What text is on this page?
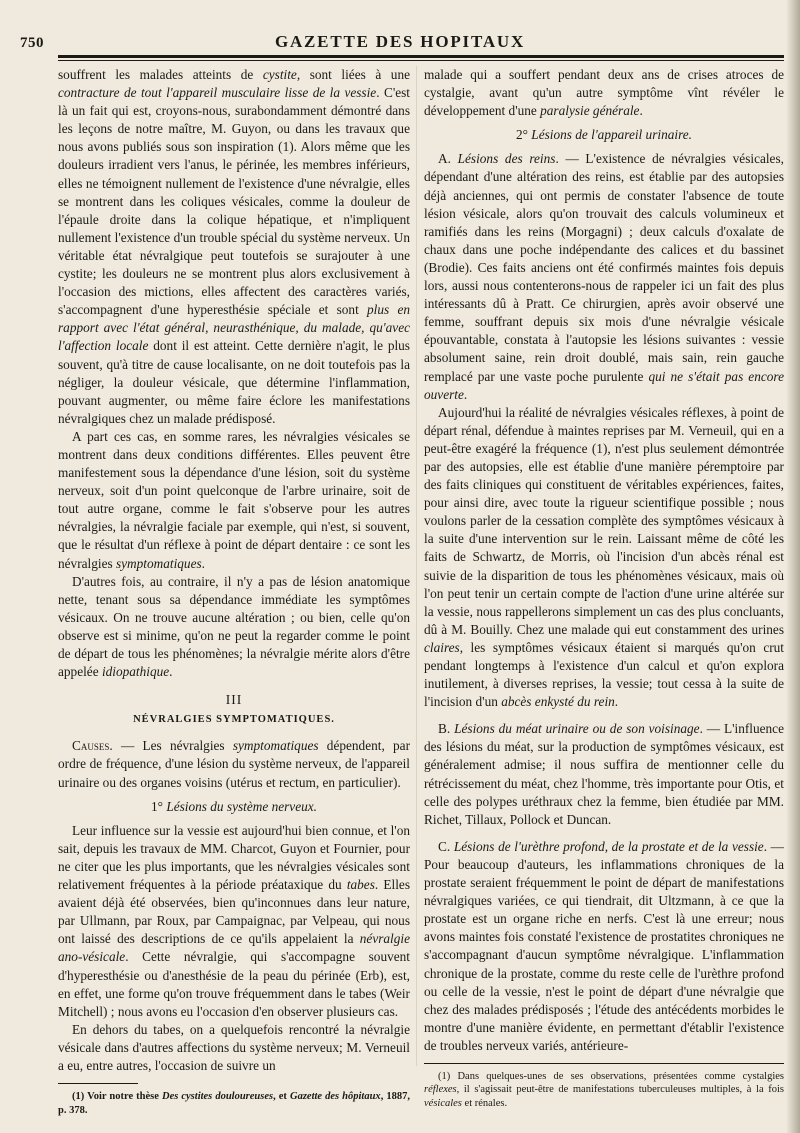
750	GAZETTE DES HOPITAUX

souffrent les malades atteints de cystite, sont liées à une contracture de tout l'appareil musculaire lisse de la vessie. C'est là un fait qui est, croyons-nous, surabondamment démontré dans les leçons de notre maître, M. Guyon, ou dans les travaux que nous avons publiés sous son inspiration (1). Alors même que les douleurs irradient vers l'anus, le périnée, les membres inférieurs, elles ne témoignent nullement de l'existence d'une névralgie, elles se montrent dans les coliques vésicales, comme la douleur de l'épaule droite dans la colique hépatique, et n'impliquent nullement l'existence d'un trouble spécial du système nerveux. Un véritable état névralgique peut toutefois se surajouter à une cystite; les douleurs ne se montrent plus alors exclusivement à l'occasion des mictions, elles affectent des caractères variés, s'accompagnent d'une hyperesthésie spéciale et sont plus en rapport avec l'état général, neurasthénique, du malade, qu'avec l'affection locale dont il est atteint. Cette dernière n'agit, le plus souvent, qu'à titre de cause localisante, on ne doit toutefois pas la négliger, la douleur vésicale, que détermine l'inflammation, pouvant augmenter, ou même faire éclore les manifestations névralgiques chez un malade prédisposé.

A part ces cas, en somme rares, les névralgies vésicales se montrent dans deux conditions différentes. Elles peuvent être manifestement sous la dépendance d'une lésion, soit du système nerveux, soit d'un point quelconque de l'arbre urinaire, soit de tout autre organe, comme le fait s'observe pour les autres névralgies, la névralgie faciale par exemple, qui n'est, si souvent, que le résultat d'un réflexe à point de départ dentaire : ce sont les névralgies symptomatiques.

D'autres fois, au contraire, il n'y a pas de lésion anatomique nette, tenant sous sa dépendance immédiate les symptômes vésicaux. On ne trouve aucune altération ; ou bien, celle qu'on observe est si minime, qu'on ne peut la regarder comme le point de départ de tous les phénomènes; la névralgie mérite alors d'être appelée idiopathique.

III
NÉVRALGIES SYMPTOMATIQUES.

Causes. — Les névralgies symptomatiques dépendent, par ordre de fréquence, d'une lésion du système nerveux, de l'appareil urinaire ou des organes voisins (utérus et rectum, en particulier).

1° Lésions du système nerveux.

Leur influence sur la vessie est aujourd'hui bien connue, et l'on sait, depuis les travaux de MM. Charcot, Guyon et Fournier, pour ne citer que les plus importants, que les névralgies vésicales sont relativement fréquentes à la période préataxique du tabes. Elles avaient déjà été observées, bien qu'inconnues dans leur nature, par Ullmann, par Roux, par Campaignac, par Velpeau, qui nous ont laissé des descriptions de ce qu'ils appelaient la névralgie ano-vésicale. Cette névralgie, qui s'accompagne souvent d'hyperesthésie ou d'anesthésie de la peau du périnée (Erb), est, en effet, une forme qu'on trouve fréquemment dans le tabes (Weir Mitchell) ; nous avons eu l'occasion d'en observer plusieurs cas.

En dehors du tabes, on a quelquefois rencontré la névralgie vésicale dans d'autres affections du système nerveux; M. Verneuil a eu, entre autres, l'occasion de suivre un

(1) Voir notre thèse Des cystites douloureuses, et Gazette des hôpitaux, 1887, p. 378.

malade qui a souffert pendant deux ans de crises atroces de cystalgie, avant qu'un autre symptôme vînt révéler le développement d'une paralysie générale.

2° Lésions de l'appareil urinaire.

A. Lésions des reins. — L'existence de névralgies vésicales, dépendant d'une altération des reins, est établie par des autopsies déjà anciennes, qui ont permis de constater l'absence de toute lésion vésicale, alors qu'on trouvait des calculs volumineux et ramifiés dans les reins (Morgagni) ; deux calculs d'oxalate de chaux dans une poche indépendante des calices et du bassinet (Brodie). Ces faits anciens ont été confirmés maintes fois depuis lors, aussi nous contenterons-nous de rappeler ici un fait des plus intéressants dû à Pratt. Ce chirurgien, après avoir observé une femme, souffrant depuis six mois d'une névralgie vésicale épouvantable, constata à l'autopsie les lésions suivantes : vessie absolument saine, rein droit doublé, mais sain, rein gauche remplacé par une vaste poche purulente qui ne s'était pas encore ouverte.

Aujourd'hui la réalité de névralgies vésicales réflexes, à point de départ rénal, défendue à maintes reprises par M. Verneuil, qui en a peut-être exagéré la fréquence (1), n'est plus seulement démontrée par des autopsies, elle est établie d'une manière péremptoire par des faits cliniques qui constituent de véritables expériences, faites, pour ainsi dire, avec toute la rigueur scientifique possible ; nous voulons parler de la cessation complète des symptômes vésicaux à la suite d'une intervention sur le rein. Laissant même de côté les faits de Schwartz, de Morris, où l'incision d'un abcès rénal est suivie de la disparition de tous les phénomènes vésicaux, mais où l'on peut tenir un certain compte de l'action d'une urine altérée sur la vessie, nous rappellerons simplement un cas des plus concluants, dû à M. Bouilly. Chez une malade qui eut constamment des urines claires, les symptômes vésicaux étaient si marqués qu'on crut pendant longtemps à l'existence d'un calcul et qu'on explora inutilement, à diverses reprises, la vessie; tout cessa à la suite de l'incision d'un abcès enkysté du rein.

B. Lésions du méat urinaire ou de son voisinage. — L'influence des lésions du méat, sur la production de symptômes vésicaux, est généralement admise; il nous suffira de mentionner celle du rétrécissement du méat, chez l'homme, très importante pour Otis, et celle des polypes uréthraux chez la femme, bien étudiée par MM. Richet, Tillaux, Pollock et Duncan.

C. Lésions de l'urèthre profond, de la prostate et de la vessie. — Pour beaucoup d'auteurs, les inflammations chroniques de la prostate seraient fréquemment le point de départ de manifestations névralgiques variées, ce qui tiendrait, dit Ultzmann, à ce que la prostate est un organe riche en nerfs. C'est là une erreur; nous avons maintes fois constaté l'existence de prostatites chroniques ne s'accompagnant d'aucun symptôme névralgique. L'inflammation chronique de la prostate, comme du reste celle de l'urèthre profond ou celle de la vessie, n'est le point de départ d'une névralgie que chez des malades prédisposés ; l'étude des antécédents morbides le montre d'une manière évidente, en permettant d'établir l'existence de troubles nerveux variés, antérieure-

(1) Dans quelques-unes de ses observations, présentées comme cystalgies réflexes, il s'agissait peut-être de manifestations tuberculeuses multiples, à la fois vésicales et rénales.
